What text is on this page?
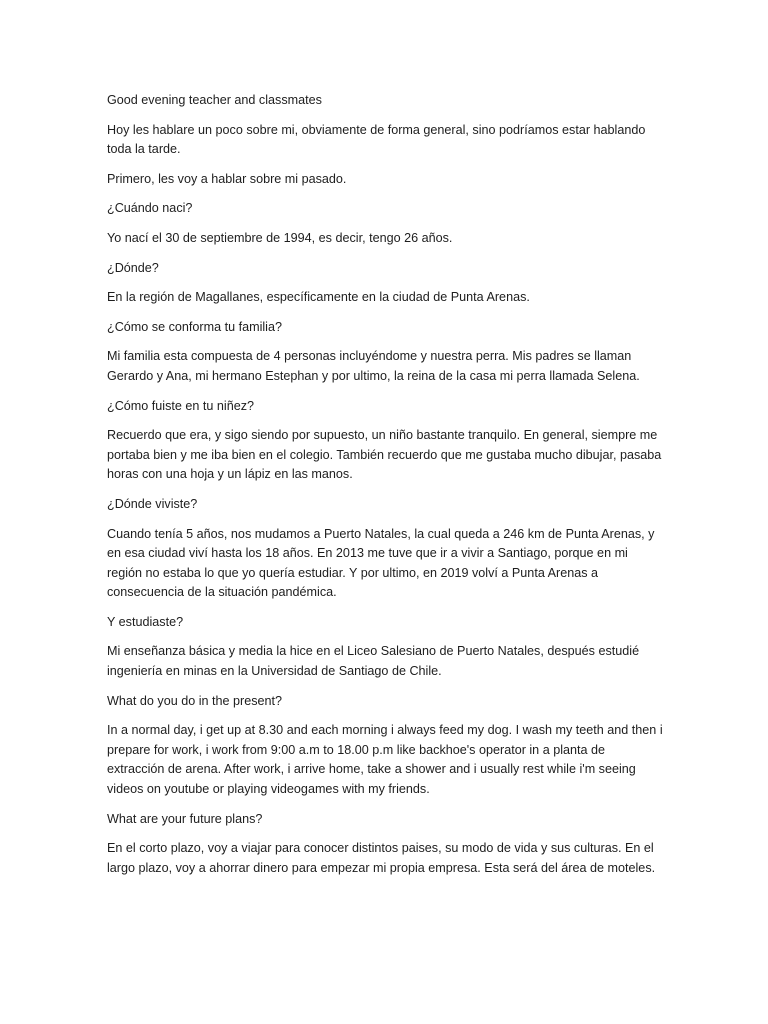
Good evening teacher and classmates

Hoy les hablare un poco sobre mi, obviamente de forma general, sino podríamos estar hablando toda la tarde.

Primero, les voy a hablar sobre mi pasado.

¿Cuándo naci?

Yo nací el 30 de septiembre de 1994, es decir, tengo 26 años.

¿Dónde?

En la región de Magallanes, específicamente en la ciudad de Punta Arenas.

¿Cómo se conforma tu familia?

Mi familia esta compuesta de 4 personas incluyéndome y nuestra perra. Mis padres se llaman Gerardo y Ana, mi hermano Estephan y por ultimo, la reina de la casa mi perra llamada Selena.

¿Cómo fuiste en tu niñez?

Recuerdo que era, y sigo siendo por supuesto, un niño bastante tranquilo. En general, siempre me portaba bien y me iba bien en el colegio. También recuerdo que me gustaba mucho dibujar, pasaba horas con una hoja y un lápiz en las manos.

¿Dónde viviste?

Cuando tenía 5 años, nos mudamos a Puerto Natales, la cual queda a 246 km de Punta Arenas, y en esa ciudad viví hasta los 18 años. En 2013 me tuve que ir a vivir a Santiago, porque en mi región no estaba lo que yo quería estudiar. Y por ultimo, en 2019 volví a Punta Arenas a consecuencia de la situación pandémica.

Y estudiaste?

Mi enseñanza básica y media la hice en el Liceo Salesiano de Puerto Natales, después estudié ingeniería en minas en la Universidad de Santiago de Chile.

What do you do in the present?

In a normal day, i get up at 8.30 and each morning i always feed my dog. I wash my teeth and then i prepare for work, i work from 9:00 a.m to 18.00 p.m like backhoe's operator in a planta de extracción de arena. After work, i arrive home, take a shower and i usually rest while i'm seeing videos on youtube or playing videogames with my friends.

What are your future plans?

En el corto plazo, voy a viajar para conocer distintos paises, su modo de vida y sus culturas. En el largo plazo, voy a ahorrar dinero para empezar mi propia empresa. Esta será del área de moteles.
